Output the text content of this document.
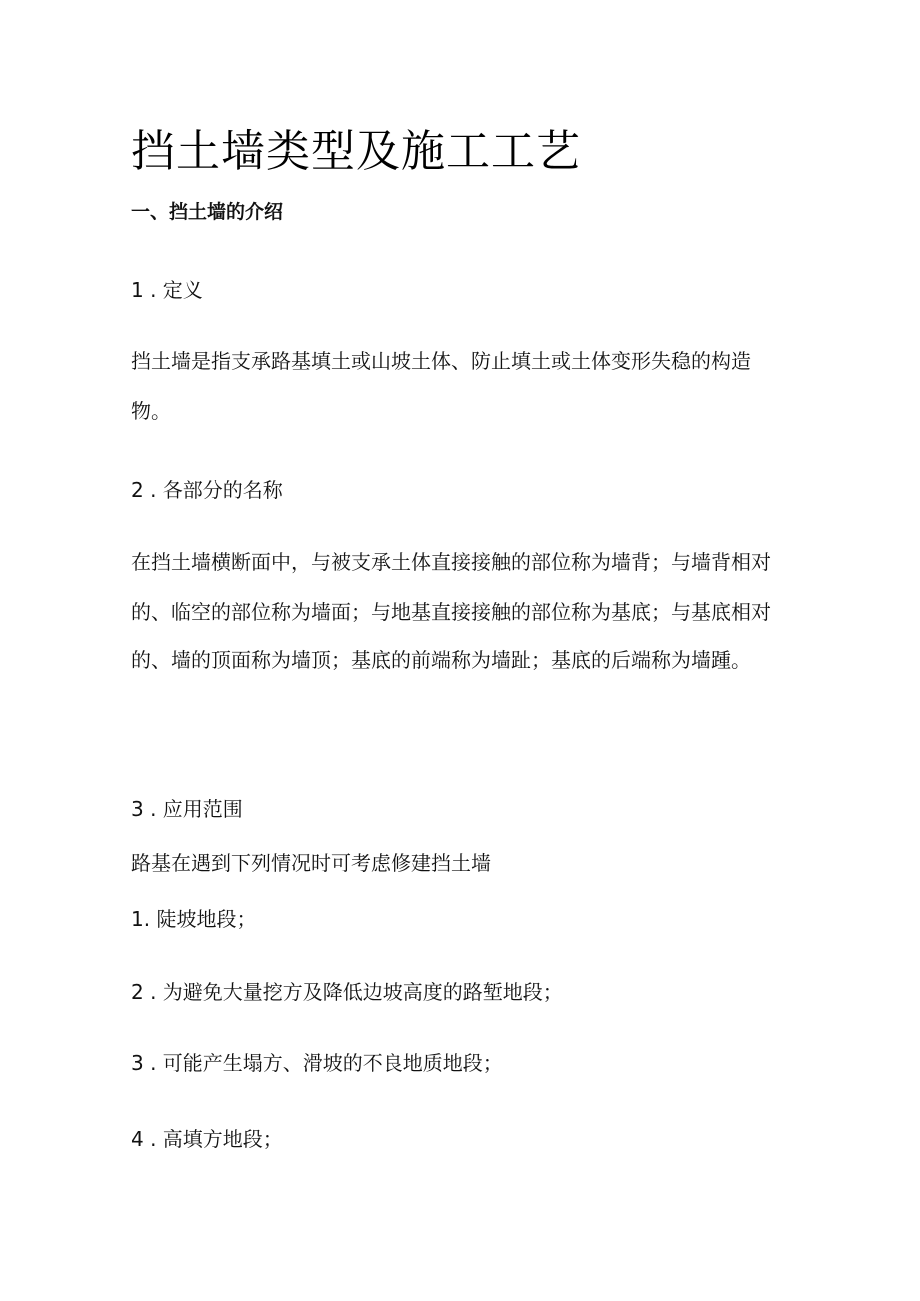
挡土墙类型及施工工艺
一、挡土墙的介绍
1 . 定义
挡土墙是指支承路基填土或山坡土体、防止填土或土体变形失稳的构造
物。
2 . 各部分的名称
在挡土墙横断面中，与被支承土体直接接触的部位称为墙背；与墙背相对
的、临空的部位称为墙面；与地基直接接触的部位称为基底；与基底相对
的、墙的顶面称为墙顶；基底的前端称为墙趾；基底的后端称为墙踵。
3 . 应用范围
路基在遇到下列情况时可考虑修建挡土墙
1. 陡坡地段；
2 . 为避免大量挖方及降低边坡高度的路堑地段；
3 . 可能产生塌方、滑坡的不良地质地段；
4 . 高填方地段；
